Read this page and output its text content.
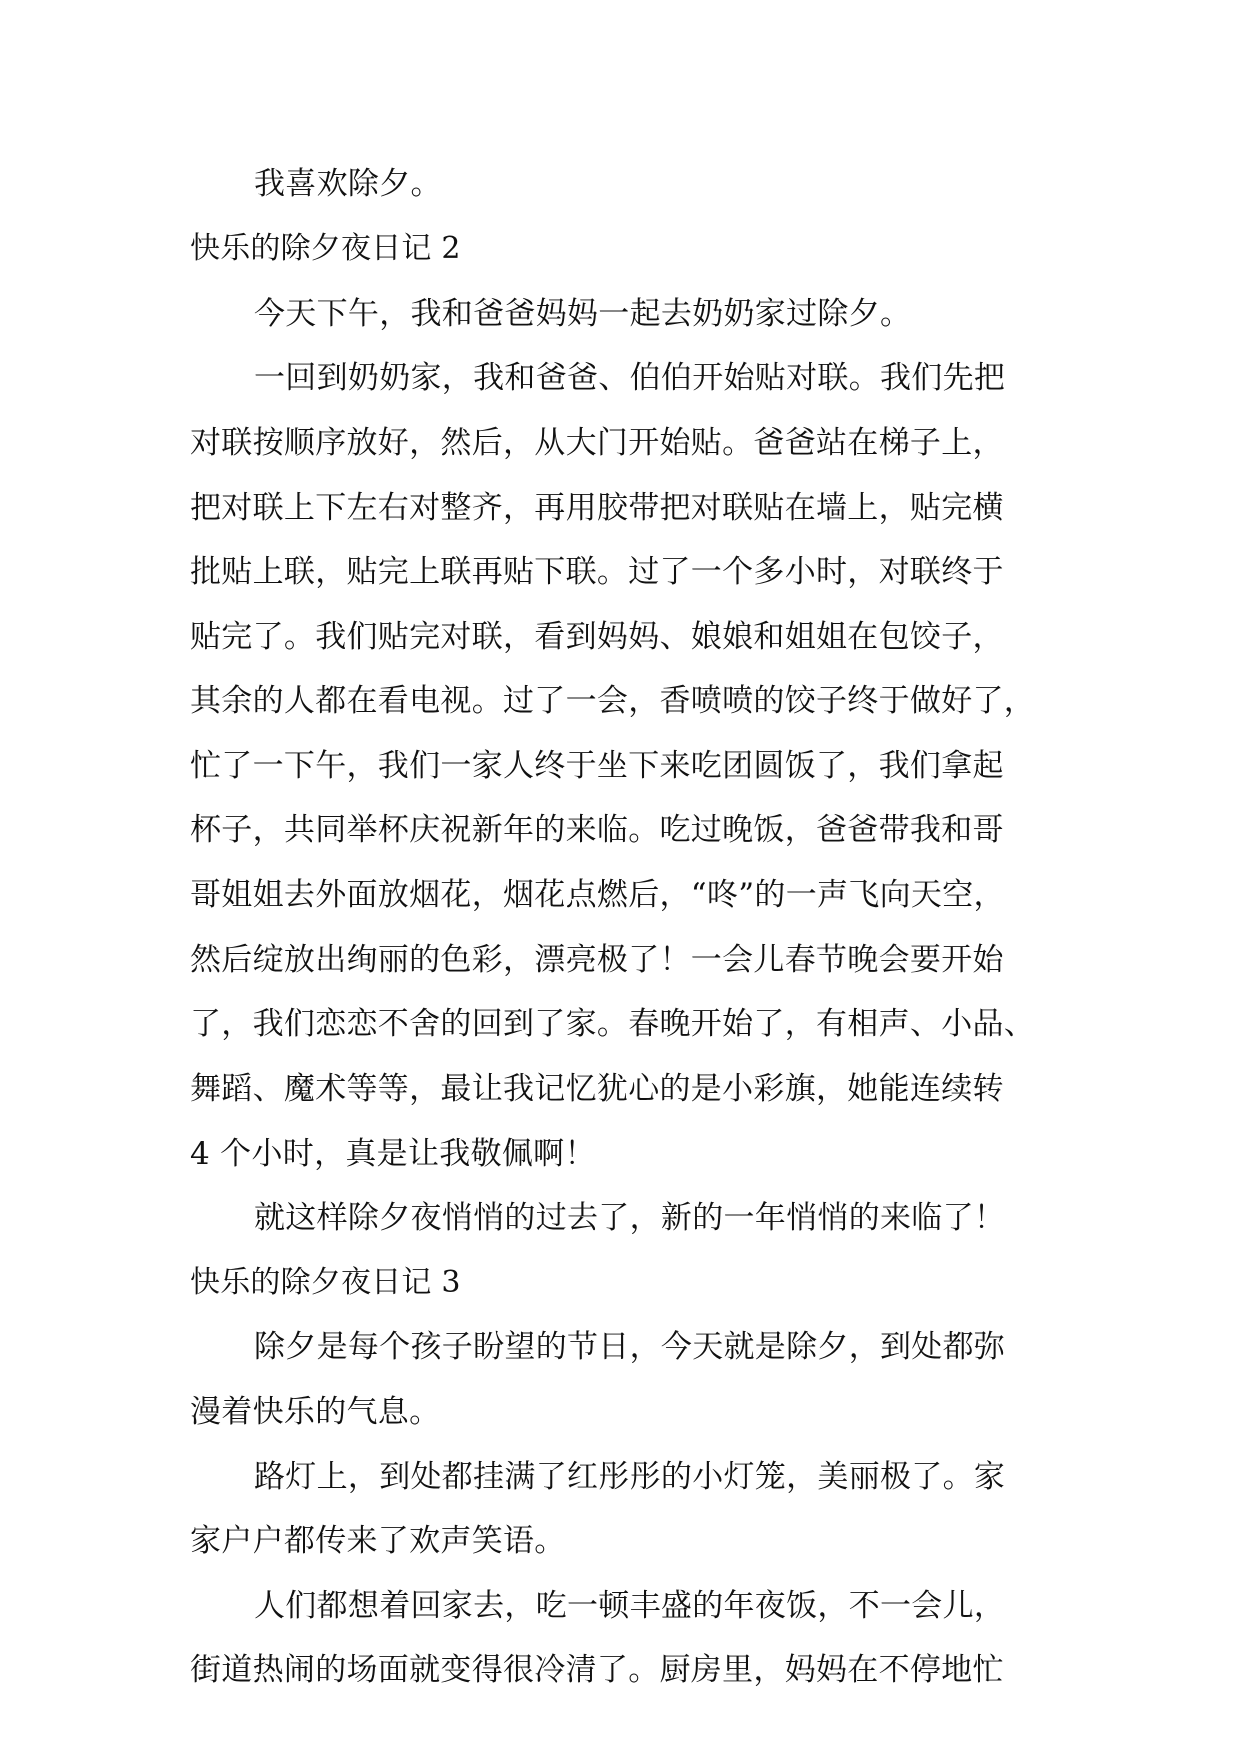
我喜欢除夕。

快乐的除夕夜日记 2

今天下午，我和爸爸妈妈一起去奶奶家过除夕。

一回到奶奶家，我和爸爸、伯伯开始贴对联。我们先把

对联按顺序放好，然后，从大门开始贴。爸爸站在梯子上，

把对联上下左右对整齐，再用胶带把对联贴在墙上，贴完横

批贴上联，贴完上联再贴下联。过了一个多小时，对联终于

贴完了。我们贴完对联，看到妈妈、娘娘和姐姐在包饺子，

其余的人都在看电视。过了一会，香喷喷的饺子终于做好了，

忙了一下午，我们一家人终于坐下来吃团圆饭了，我们拿起

杯子，共同举杯庆祝新年的来临。吃过晚饭，爸爸带我和哥

哥姐姐去外面放烟花，烟花点燃后，“咚”的一声飞向天空，

然后绽放出绚丽的色彩，漂亮极了！一会儿春节晚会要开始

了，我们恋恋不舍的回到了家。春晚开始了，有相声、小品、

舞蹈、魔术等等，最让我记忆犹心的是小彩旗，她能连续转

4 个小时，真是让我敬佩啊！

就这样除夕夜悄悄的过去了，新的一年悄悄的来临了！

快乐的除夕夜日记 3

除夕是每个孩子盼望的节日，今天就是除夕，到处都弥

漫着快乐的气息。

路灯上，到处都挂满了红彤彤的小灯笼，美丽极了。家

家户户都传来了欢声笑语。

人们都想着回家去，吃一顿丰盛的年夜饭，不一会儿，

街道热闹的场面就变得很冷清了。厨房里，妈妈在不停地忙
